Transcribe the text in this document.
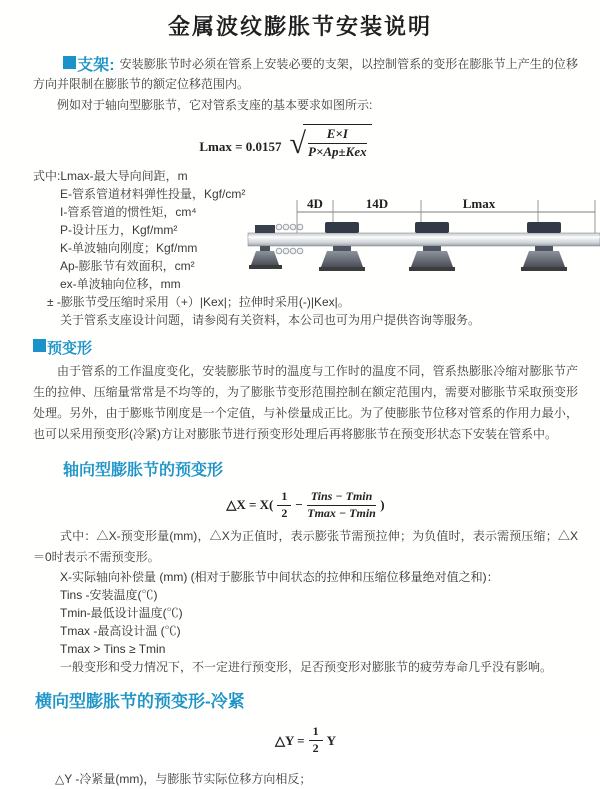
金属波纹膨胀节安装说明

支架: 安装膨胀节时必须在管系上安装必要的支架，以控制管系的变形在膨胀节上产生的位移方向并限制在膨胀节的额定位移范围内。

例如对于轴向型膨胀节，它对管系支座的基本要求如图所示:

Lmax = 0.0157 √ $\frac{E\times I}{\text{P×Ap±Kex}}$

式中:Lmax-最大导向间距，m

E-管系管道材料弹性投量，Kgf/cm²

I-管系管道的惯性矩，cm⁴

P-设计压力，Kgf/mm²

K-单波轴向刚度；Kgf/mm

Ap-膨胀节有效面积，cm²

ex-单波轴向位移，mm

4D	14D	Lmax

± -膨胀节受压缩时采用（+）|Kex|；拉伸时采用(-)|Kex|。

关于管系支座设计问题，请参阅有关资料，本公司也可为用户提供咨询等服务。

预变形

由于管系的工作温度变化，安装膨胀节时的温度与工作时的温度不同，管系热膨胀冷缩对膨胀节产生的拉伸、压缩量常常是不均等的，为了膨胀节变形范围控制在额定范围内，需要对膨胀节采取预变形处理。另外，由于膨账节刚度是一个定值，与补偿量成正比。为了使膨胀节位移对管系的作用力最小，也可以采用预变形(冷紧)方让对膨胀节进行预变形处理后再将膨胀节在预变形状态下安装在管系中。

轴向型膨胀节的预变形
△X = $X( \frac{1}{2} - \frac{\text{Tins − Tmin}}{Tmax - Tmin}$ )

式中：△X-预变形量(mm)，△X为正值时，表示膨张节需预拉伸；为负值时，表示需预压缩；△X＝0时表示不需预变形。

X-实际轴向补偿量 (mm) (相对于膨胀节中间状态的拉伸和压缩位移量绝对值之和)：

Tins -安装温度(℃)

Tmin-最低设计温度(℃)

Tmax -最高设计温 (℃)

Tmax > Tins ≥ Tmin

一般变形和受力情况下，不一定进行预变形，足否预变形对膨胀节的疲劳寿命几乎没有影响。

横向型膨胀节的预变形-冷紧
△Y = $\frac{1}{2}$ Y

△Y -冷紧量(mm)，与膨胀节实际位移方向相反；
